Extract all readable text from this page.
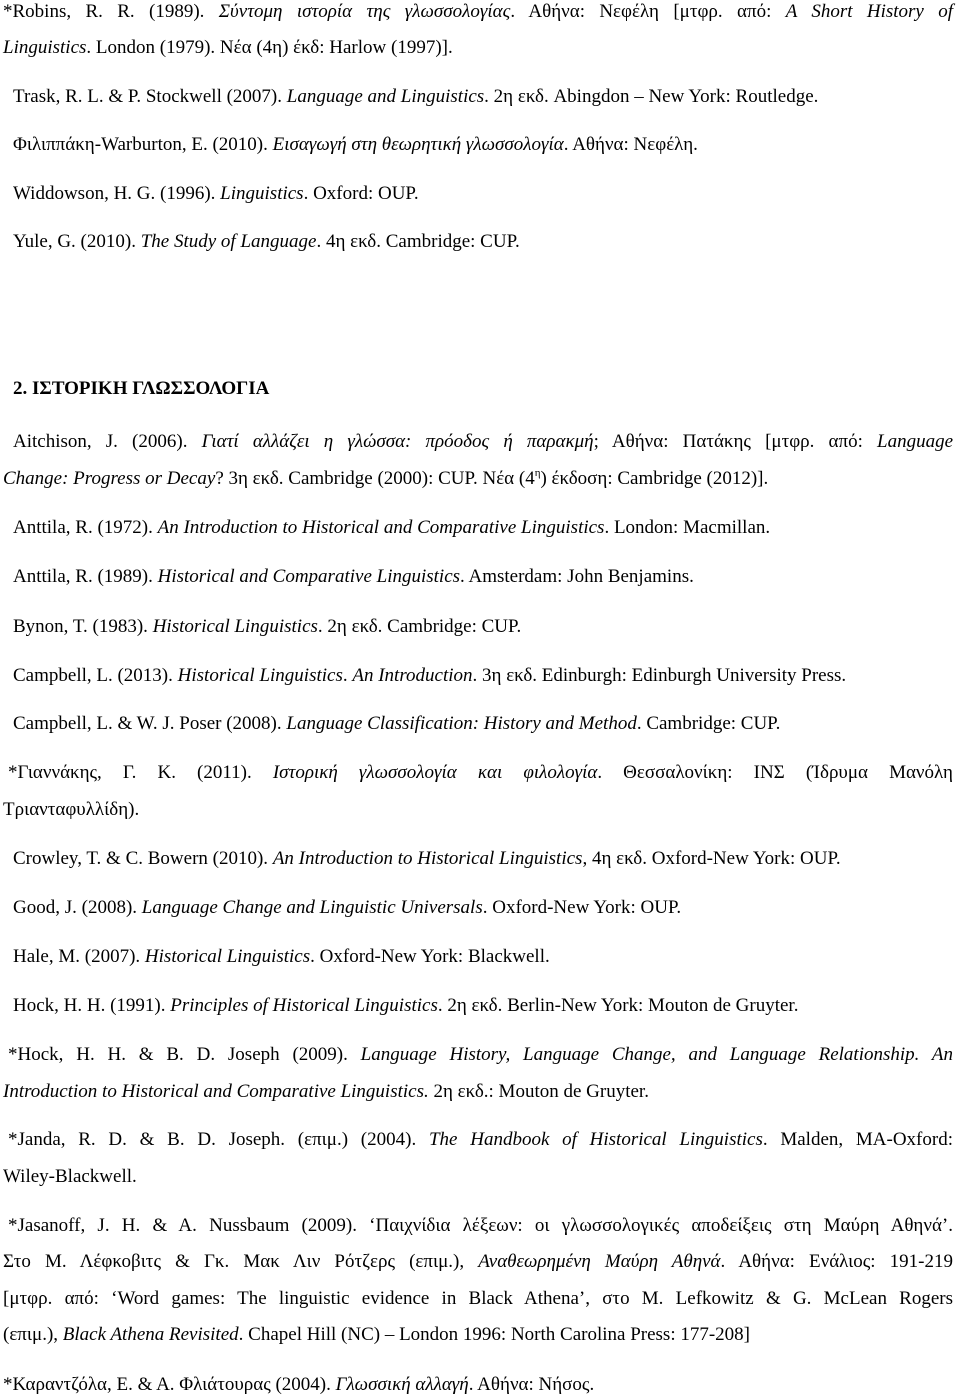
*Robins, R. R. (1989). Σύντομη ιστορία της γλωσσολογίας. Αθήνα: Νεφέλη [μτφρ. από: A Short History of
Linguistics. London (1979). Νέα (4η) έκδ: Harlow (1997)].
Trask, R. L. & P. Stockwell (2007). Language and Linguistics. 2η εκδ. Abingdon – New York: Routledge.
Φιλιππάκη-Warburton, E. (2010). Εισαγωγή στη θεωρητική γλωσσολογία. Αθήνα: Νεφέλη.
Widdowson, H. G. (1996). Linguistics. Oxford: OUP.
Yule, G. (2010). The Study of Language. 4η εκδ. Cambridge: CUP.
2. ΙΣΤΟΡΙΚΗ ΓΛΩΣΣΟΛΟΓΙΑ
Aitchison, J. (2006). Γιατί αλλάζει η γλώσσα: πρόοδος ή παρακμή; Αθήνα: Πατάκης [μτφρ. από: Language
Change: Progress or Decay? 3η εκδ. Cambridge (2000): CUP. Νέα $(4^\eta)$ έκδοση: Cambridge (2012)].
Anttila, R. (1972). An Introduction to Historical and Comparative Linguistics. London: Macmillan.
Anttila, R. (1989). Historical and Comparative Linguistics. Amsterdam: John Benjamins.
Bynon, T. (1983). Historical Linguistics. 2η εκδ. Cambridge: CUP.
Campbell, L. (2013). Historical Linguistics. An Introduction. 3η εκδ. Edinburgh: Edinburgh University Press.
Campbell, L. & W. J. Poser (2008). Language Classification: History and Method. Cambridge: CUP.
*Γιαννάκης, Γ. Κ. (2011). Ιστορική γλωσσολογία και φιλολογία. Θεσσαλονίκη: ΙΝΣ (Ίδρυμα Μανόλη
Τριανταφυλλίδη).
Crowley, T. & C. Bowern (2010). An Introduction to Historical Linguistics, 4η εκδ. Oxford-New York: OUP.
Good, J. (2008). Language Change and Linguistic Universals. Oxford-New York: OUP.
Hale, M. (2007). Historical Linguistics. Oxford-New York: Blackwell.
Hock, H. H. (1991). Principles of Historical Linguistics. 2η εκδ. Berlin-New York: Mouton de Gruyter.
*Hock, H. H. & B. D. Joseph (2009). Language History, Language Change, and Language Relationship. An
Introduction to Historical and Comparative Linguistics. 2η εκδ.: Mouton de Gruyter.
*Janda, R. D. & B. D. Joseph. (επιμ.) (2004). The Handbook of Historical Linguistics. Malden, MA-Oxford:
Wiley-Blackwell.
*Jasanoff, J. H. & A. Nussbaum (2009). ‘Παιχνίδια λέξεων: οι γλωσσολογικές αποδείξεις στη Μαύρη Αθηνά’.
Στο Μ. Λέφκοβιτς & Γκ. Μακ Λιν Ρότζερς (επιμ.), Αναθεωρημένη Μαύρη Αθηνά. Αθήνα: Ενάλιος: 191-219
[μτφρ. από: ‘Word games: The linguistic evidence in Black Athena’, στο M. Lefkowitz & G. McLean Rogers
(επιμ.), Black Athena Revisited. Chapel Hill (NC) – London 1996: North Carolina Press: 177-208]
*Καραντζόλα, Ε. & Α. Φλιάτουρας (2004). Γλωσσική αλλαγή. Αθήνα: Νήσος.
